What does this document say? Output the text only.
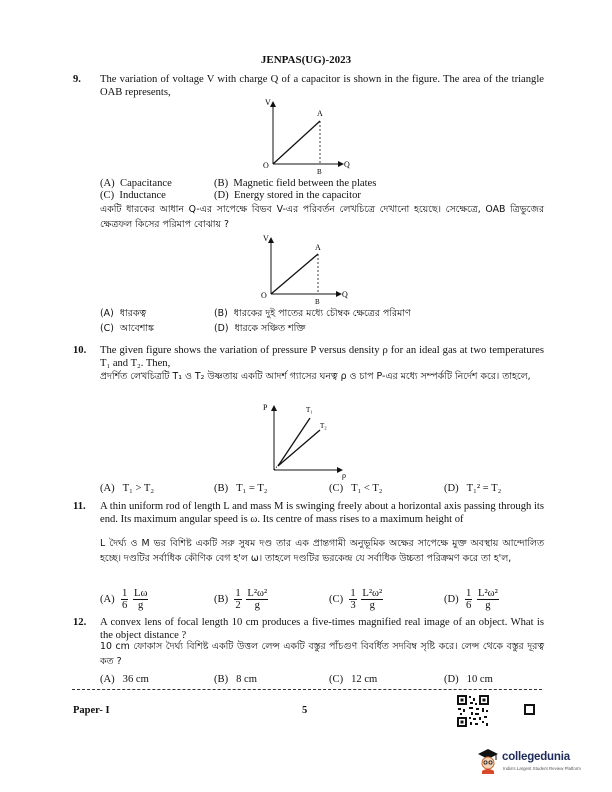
JENPAS(UG)-2023
9. The variation of voltage V with charge Q of a capacitor is shown in the figure. The area of the triangle OAB represents,
V
A
O
B
Q
(A) Capacitance	(B) Magnetic field between the plates
(C) Inductance	(D) Energy stored in the capacitor
একটি ধারকের আধান Q-এর সাপেক্ষে বিভব V-এর পরিবর্তন লেখচিত্রে দেখানো হয়েছে। সেক্ষেত্রে, OAB ত্রিভুজের ক্ষেত্রফল কিসের পরিমাপ বোঝায় ?
V
A
O
B
Q
(A) ধারকত্ব	(B) ধারকের দুই পাতের মধ্যে চৌম্বক ক্ষেত্রের পরিমাণ
(C) আবেশাঙ্ক	(D) ধারকে সঞ্চিত শক্তি
10. The given figure shows the variation of pressure P versus density ρ for an ideal gas at two temperatures T₁ and T₂. Then,
প্রদর্শিত লেখচিত্রটি T₁ ও T₂ উষ্ণতায় একটি আদর্শ গ্যাসের ঘনত্ব ρ ও চাপ P-এর মধ্যে সম্পর্কটি নির্দেশ করে। তাহলে,
P	T₁
T₂
ρ
(A) T₁ > T₂	(B) T₁ = T₂	(C) T₁ < T₂	(D) T₁² = T₂
11. A thin uniform rod of length L and mass M is swinging freely about a horizontal axis passing through its end. Its maximum angular speed is ω. Its centre of mass rises to a maximum height of
L দৈর্ঘ্য ও M ভর বিশিষ্ট একটি সরু সুষম দণ্ড তার এক প্রান্তগামী অনুভূমিক অক্ষের সাপেক্ষে মুক্ত অবস্থায় আন্দোলিত হচ্ছে। দণ্ডটির সর্বাধিক কৌণিক বেগ হ'ল ω। তাহলে দণ্ডটির ভরকেন্দ্র যে সর্বাধিক উচ্চতা পরিক্রমণ করে তা হ'ল,
$(A) \frac{1}{6}$
$\frac{L\omega}{g}$	$(B) \frac{1}{2}$
$\frac{\text{L²ω²}}{g}$	$(C) \frac{1}{3}$
$\frac{\text{L²ω²}}{g}$	$(D) \frac{1}{6}$
$\frac{\text{L²ω²}}{g}$
12. A convex lens of focal length 10 cm produces a five-times magnified real image of an object. What is the object distance ?
10 cm ফোকাস দৈর্ঘ্য বিশিষ্ট একটি উত্তল লেন্স একটি বস্তুর পাঁচগুণ বিবর্ধিত সদবিম্ব সৃষ্টি করে। লেন্স থেকে বস্তুর দূরত্ব কত ?
(A) 36 cm	(B) 8 cm	(C) 12 cm	(D) 10 cm
Paper- I	5
collegedunia
India's Largest Student Review Platform
